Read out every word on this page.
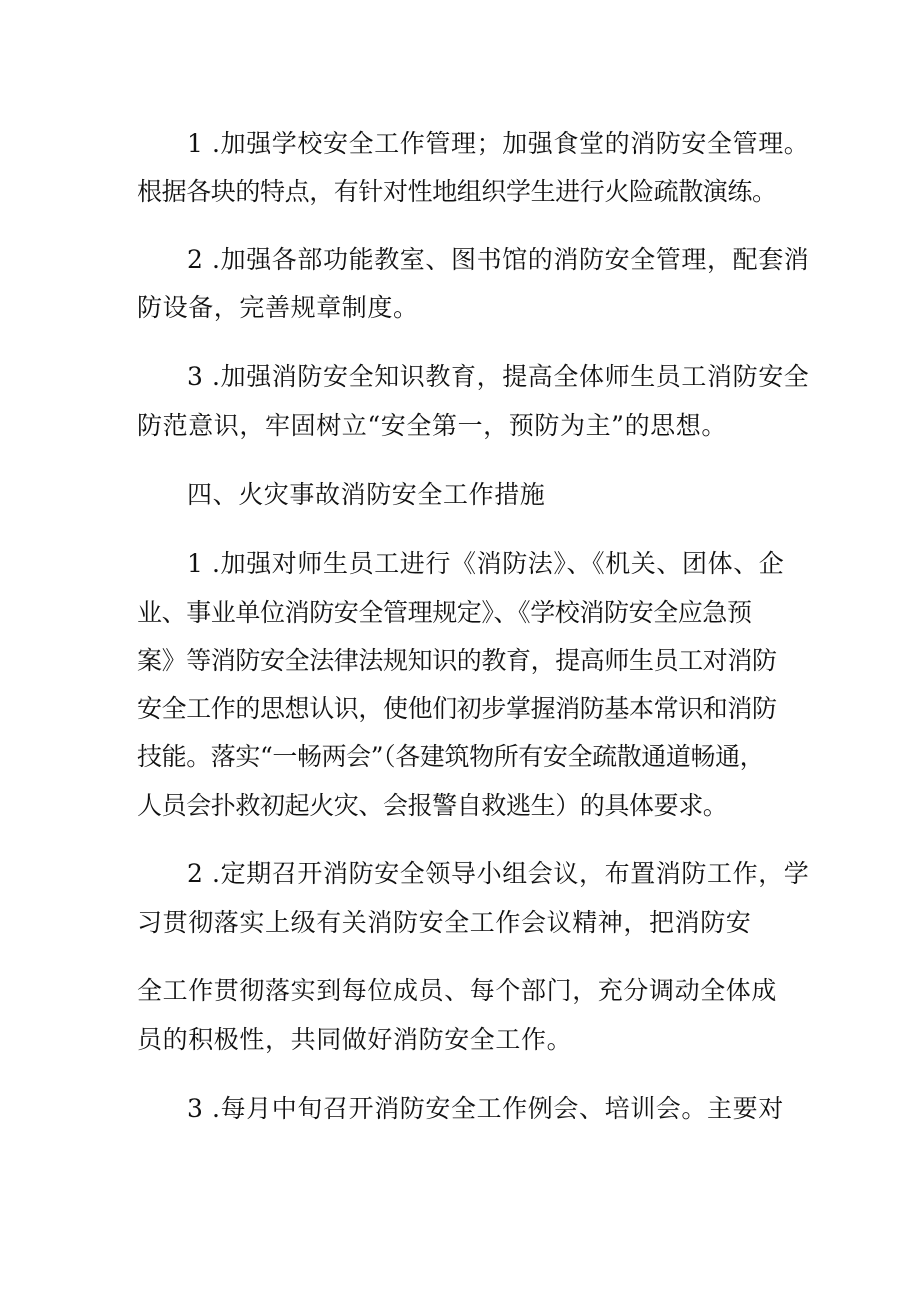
1 .加强学校安全工作管理；加强食堂的消防安全管理。

根据各块的特点，有针对性地组织学生进行火险疏散演练。

2 .加强各部功能教室、图书馆的消防安全管理，配套消

防设备，完善规章制度。

3 .加强消防安全知识教育，提高全体师生员工消防安全

防范意识，牢固树立“安全第一，预防为主”的思想。

四、火灾事故消防安全工作措施

1 .加强对师生员工进行《消防法》、《机关、团体、企

业、事业单位消防安全管理规定》、《学校消防安全应急预

案》等消防安全法律法规知识的教育，提高师生员工对消防

安全工作的思想认识，使他们初步掌握消防基本常识和消防

技能。落实“一畅两会”（各建筑物所有安全疏散通道畅通，

人员会扑救初起火灾、会报警自救逃生）的具体要求。

2 .定期召开消防安全领导小组会议，布置消防工作，学

习贯彻落实上级有关消防安全工作会议精神，把消防安

全工作贯彻落实到每位成员、每个部门，充分调动全体成

员的积极性，共同做好消防安全工作。

3 .每月中旬召开消防安全工作例会、培训会。主要对
